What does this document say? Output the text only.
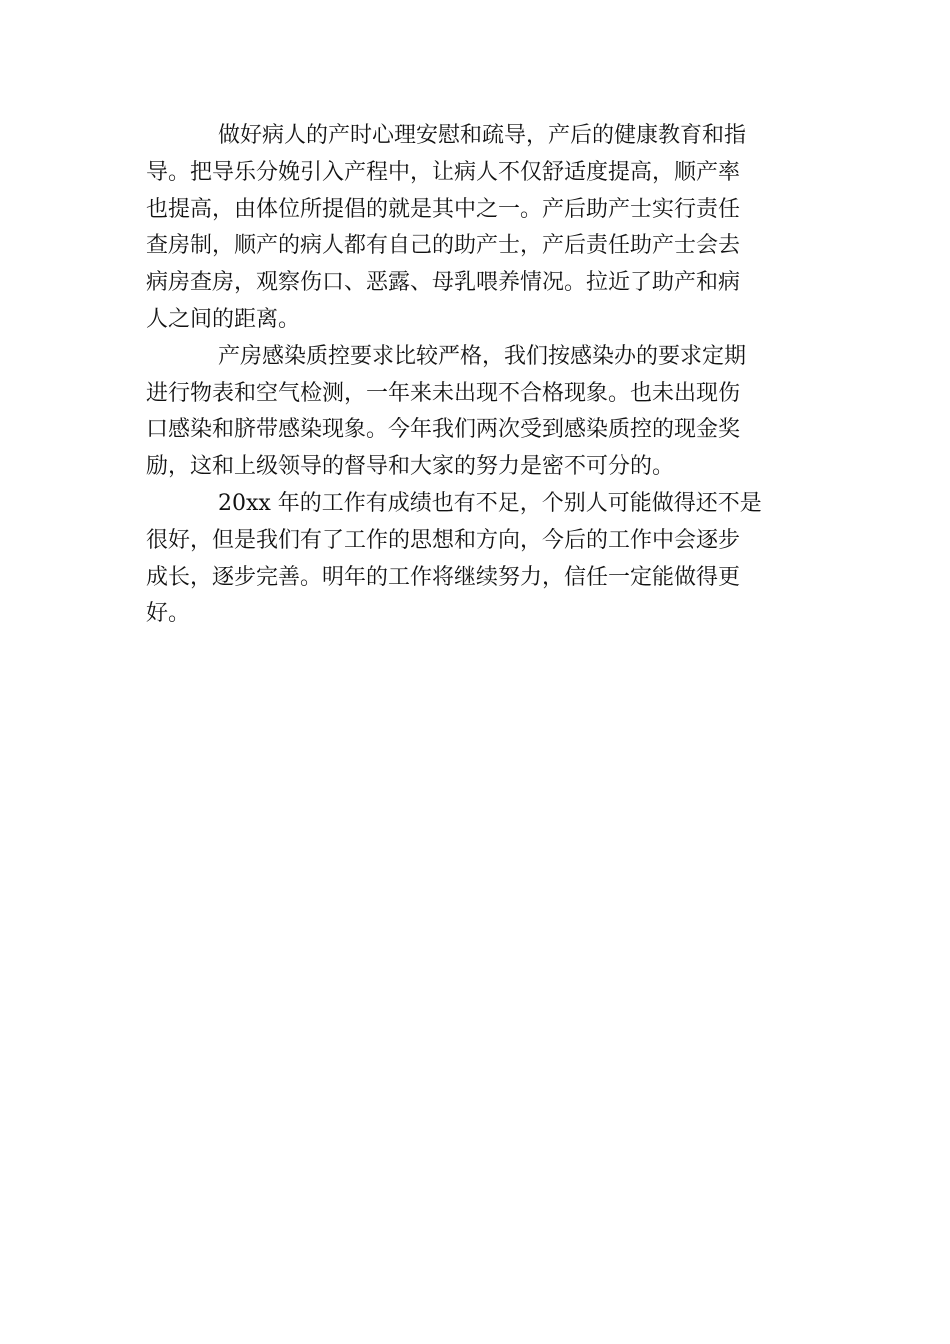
做好病人的产时心理安慰和疏导，产后的健康教育和指
导。把导乐分娩引入产程中，让病人不仅舒适度提高，顺产率
也提高，由体位所提倡的就是其中之一。产后助产士实行责任
查房制，顺产的病人都有自己的助产士，产后责任助产士会去
病房查房，观察伤口、恶露、母乳喂养情况。拉近了助产和病
人之间的距离。

产房感染质控要求比较严格，我们按感染办的要求定期
进行物表和空气检测，一年来未出现不合格现象。也未出现伤
口感染和脐带感染现象。今年我们两次受到感染质控的现金奖
励，这和上级领导的督导和大家的努力是密不可分的。

20xx 年的工作有成绩也有不足，个别人可能做得还不是
很好，但是我们有了工作的思想和方向，今后的工作中会逐步
成长，逐步完善。明年的工作将继续努力，信任一定能做得更
好。
